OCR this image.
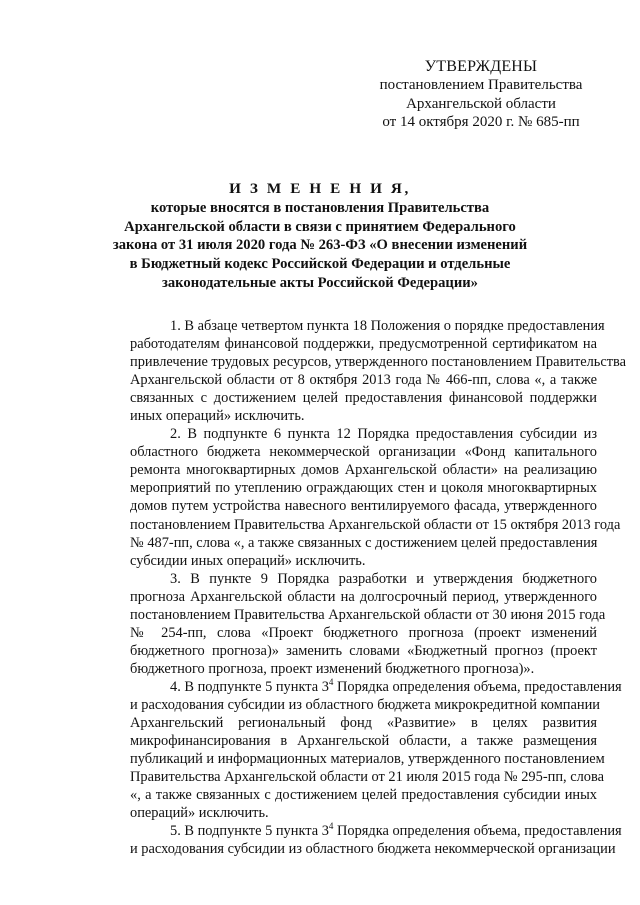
УТВЕРЖДЕНЫ
постановлением Правительства
Архангельской области
от 14 октября 2020 г. № 685-пп
И З М Е Н Е Н И Я,
которые вносятся в постановления Правительства
Архангельской области в связи с принятием Федерального
закона от 31 июля 2020 года № 263-ФЗ «О внесении изменений
в Бюджетный кодекс Российской Федерации и отдельные
законодательные акты Российской Федерации»
1. В абзаце четвертом пункта 18 Положения о порядке предоставления
работодателям финансовой поддержки, предусмотренной сертификатом на
привлечение трудовых ресурсов, утвержденного постановлением Правительства
Архангельской области от 8 октября 2013 года № 466-пп, слова «, а также
связанных с достижением целей предоставления финансовой поддержки
иных операций» исключить.
2. В подпункте 6 пункта 12 Порядка предоставления субсидии из
областного бюджета некоммерческой организации «Фонд капитального
ремонта многоквартирных домов Архангельской области» на реализацию
мероприятий по утеплению ограждающих стен и цоколя многоквартирных
домов путем устройства навесного вентилируемого фасада, утвержденного
постановлением Правительства Архангельской области от 15 октября 2013 года
№ 487-пп, слова «, а также связанных с достижением целей предоставления
субсидии иных операций» исключить.
3. В пункте 9 Порядка разработки и утверждения бюджетного
прогноза Архангельской области на долгосрочный период, утвержденного
постановлением Правительства Архангельской области от 30 июня 2015 года
№ 254-пп, слова «Проект бюджетного прогноза (проект изменений
бюджетного прогноза)» заменить словами «Бюджетный прогноз (проект
бюджетного прогноза, проект изменений бюджетного прогноза)».
4. В подпункте 5 пункта $3^4$ Порядка определения объема, предоставления
и расходования субсидии из областного бюджета микрокредитной компании
Архангельский региональный фонд «Развитие» в целях развития
микрофинансирования в Архангельской области, а также размещения
публикаций и информационных материалов, утвержденного постановлением
Правительства Архангельской области от 21 июля 2015 года № 295-пп, слова
«, а также связанных с достижением целей предоставления субсидии иных
операций» исключить.
5. В подпункте 5 пункта $3^4$ Порядка определения объема, предоставления
и расходования субсидии из областного бюджета некоммерческой организации
